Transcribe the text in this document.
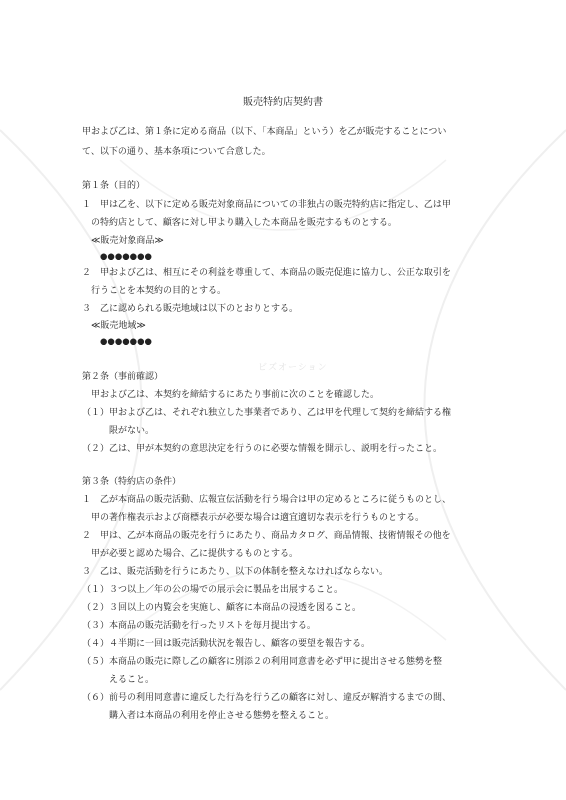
ビズオーション
販売特約店契約書
甲および乙は、第１条に定める商品（以下、「本商品」という）を乙が販売することについ
て、以下の通り、基本条項について合意した。
第１条（目的）
１　甲は乙を、以下に定める販売対象商品についての非独占の販売特約店に指定し、乙は甲
　の特約店として、顧客に対し甲より購入した本商品を販売するものとする。
　≪販売対象商品≫
●●●●●●●
２　甲および乙は、相互にその利益を尊重して、本商品の販売促進に協力し、公正な取引を
　行うことを本契約の目的とする。
３　乙に認められる販売地域は以下のとおりとする。
　≪販売地域≫
●●●●●●●
第２条（事前確認）
　甲および乙は、本契約を締結するにあたり事前に次のことを確認した。
（１）甲および乙は、それぞれ独立した事業者であり、乙は甲を代理して契約を締結する権
　　　限がない。
（２）乙は、甲が本契約の意思決定を行うのに必要な情報を開示し、説明を行ったこと。
第３条（特約店の条件）
１　乙が本商品の販売活動、広報宣伝活動を行う場合は甲の定めるところに従うものとし、
　甲の著作権表示および商標表示が必要な場合は適宜適切な表示を行うものとする。
２　甲は、乙が本商品の販売を行うにあたり、商品カタログ、商品情報、技術情報その他を
　甲が必要と認めた場合、乙に提供するものとする。
３　乙は、販売活動を行うにあたり、以下の体制を整えなければならない。
（１）３つ以上／年の公の場での展示会に製品を出展すること。
（２）３回以上の内覧会を実施し、顧客に本商品の浸透を図ること。
（３）本商品の販売活動を行ったリストを毎月提出する。
（４）４半期に一回は販売活動状況を報告し、顧客の要望を報告する。
（５）本商品の販売に際し乙の顧客に別添２の利用同意書を必ず甲に提出させる態勢を整
　　　えること。
（６）前号の利用同意書に違反した行為を行う乙の顧客に対し、違反が解消するまでの間、
　　　購入者は本商品の利用を停止させる態勢を整えること。
